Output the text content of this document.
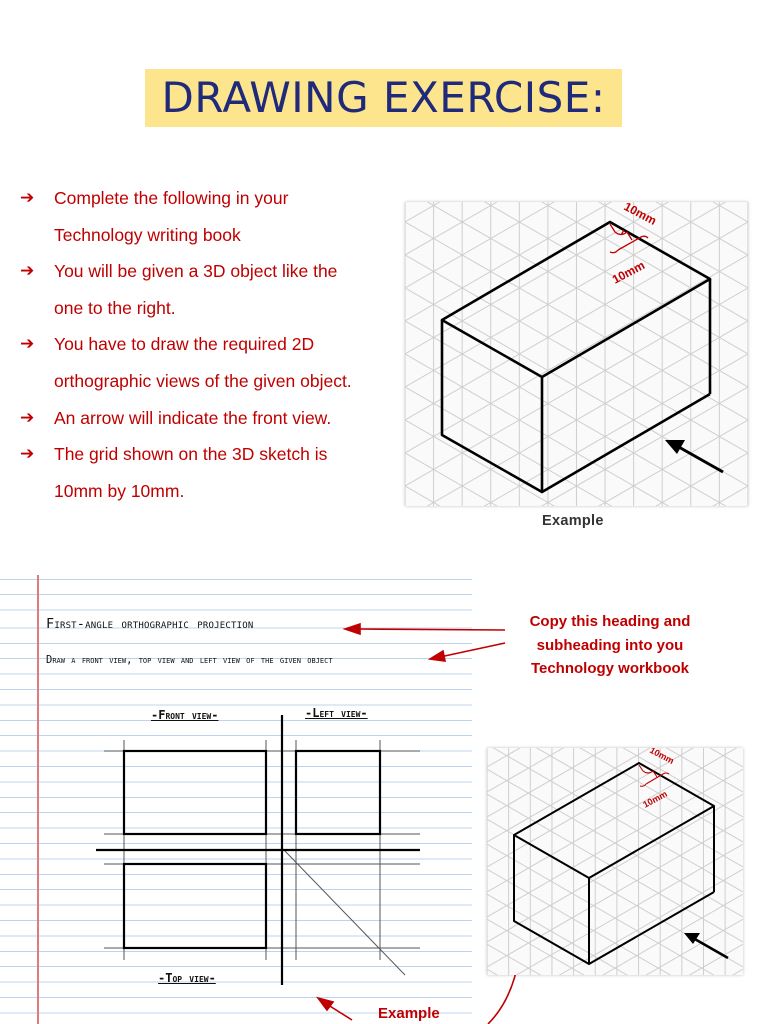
DRAWING EXERCISE:
➔ Complete the following in your
Technology writing book
➔ You will be given a 3D object like the
one to the right.
➔ You have to draw the required 2D
orthographic views of the given object.
➔ An arrow will indicate the front view.
➔ The grid shown on the 3D sketch is
10mm by 10mm.
10mm
10mm
Example
First-angle orthographic projection
Draw a front view, top view and left view of the given object
-Front view-	-Left view-
-Top view-
Copy this heading and subheading into you Technology workbook
10mm
10mm
Example
